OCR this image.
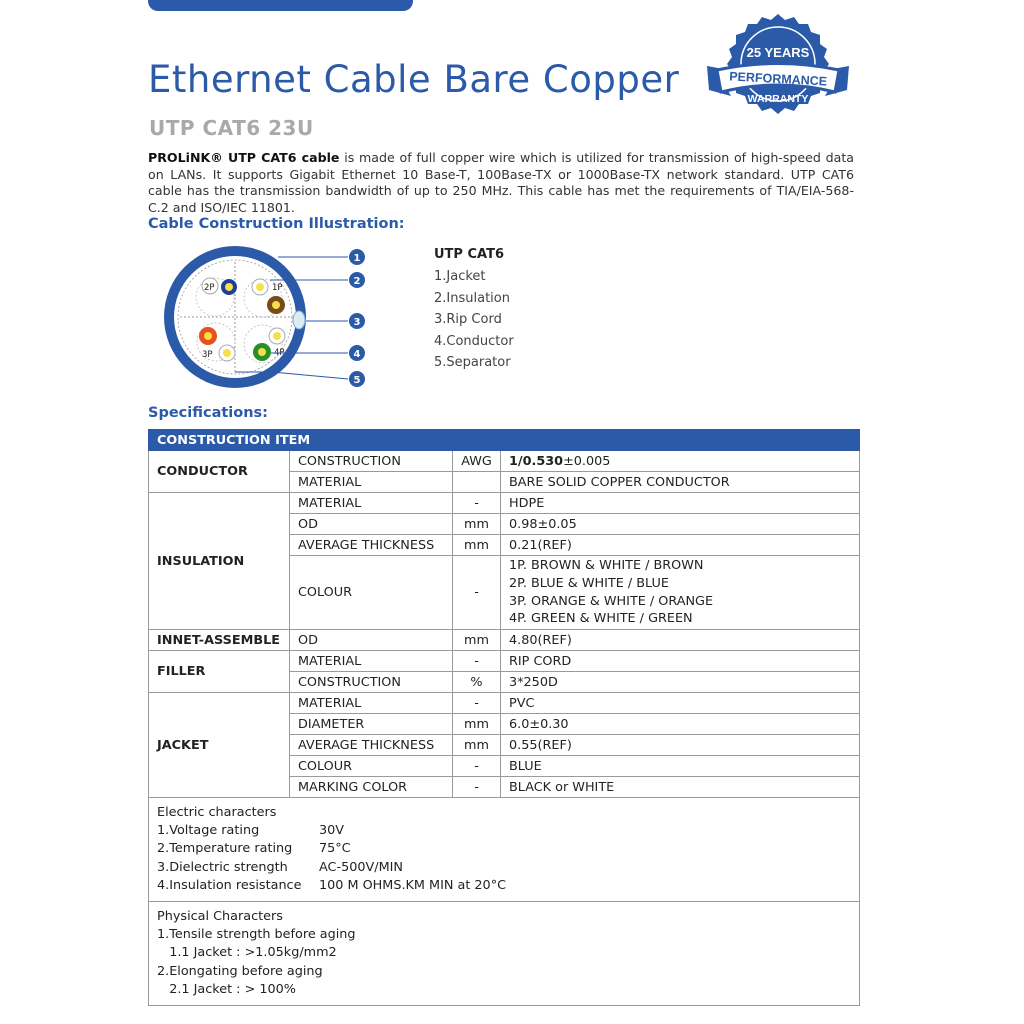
Ethernet Cable Bare Copper
UTP CAT6 23U
25 YEARS
PERFORMANCE
WARRANTY
PROLiNK® UTP CAT6 cable is made of full copper wire which is utilized for transmission of high-speed data on LANs. It supports Gigabit Ethernet 10 Base-T, 100Base-TX or 1000Base-TX network standard. UTP CAT6 cable has the transmission bandwidth of up to 250 MHz. This cable has met the requirements of TIA/EIA-568-C.2 and ISO/IEC 11801.
Cable Construction Illustration:
2P	1P
3P	4P
1
2
3
4
5
UTP CAT6
1.Jacket
2.Insulation
3.Rip Cord
4.Conductor
5.Separator
Specifications:
CONSTRUCTION ITEM			
CONDUCTOR	CONSTRUCTION	AWG	1/0.530±0.005
	MATERIAL		BARE SOLID COPPER CONDUCTOR
INSULATION	MATERIAL	-	HDPE
	OD	mm	0.98±0.05
	AVERAGE THICKNESS	mm	0.21(REF)
	COLOUR	-	1P. BROWN & WHITE / BROWN
2P. BLUE & WHITE / BLUE
3P. ORANGE & WHITE / ORANGE
4P. GREEN & WHITE / GREEN

INNET-ASSEMBLE	OD	mm	4.80(REF)
FILLER	MATERIAL	-	RIP CORD
	CONSTRUCTION	%	3*250D
JACKET	MATERIAL	-	PVC
	DIAMETER	mm	6.0±0.30
	AVERAGE THICKNESS	mm	0.55(REF)
	COLOUR	-	BLUE
	MARKING COLOR	-	BLACK or WHITE

Electric characters
1.Voltage rating 30V
2.Temperature rating 75°C
3.Dielectric strength AC-500V/MIN
4.Insulation resistance 100 M OHMS.KM MIN at 20°C			

Physical Characters
1.Tensile strength before aging
1.1 Jacket : >1.05kg/mm2
2.Elongating before aging
2.1 Jacket : > 100%			
